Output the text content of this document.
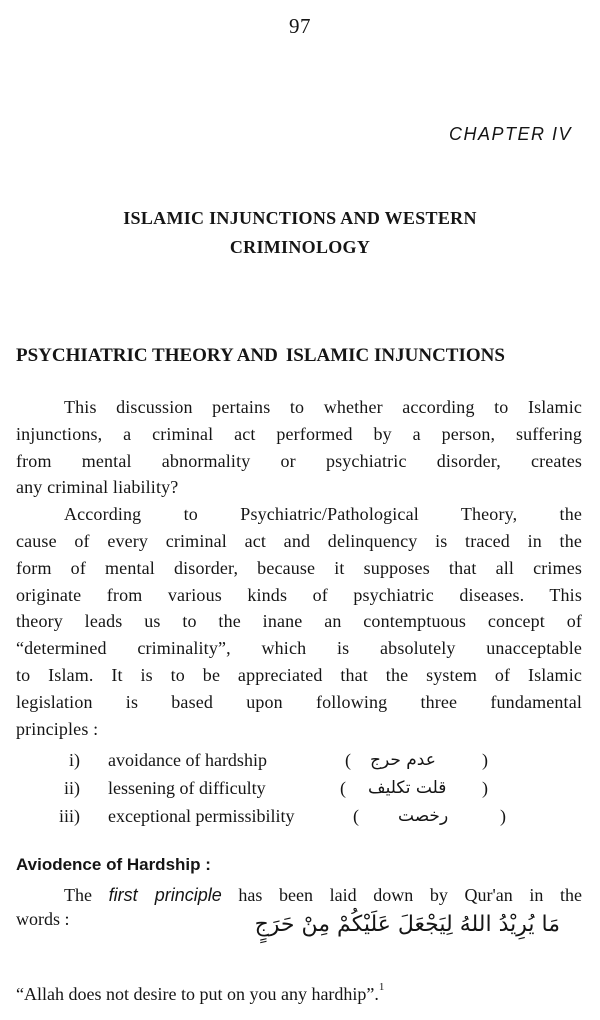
97
CHAPTER IV
ISLAMIC INJUNCTIONS AND WESTERN
CRIMINOLOGY
PSYCHIATRIC THEORY AND ISLAMIC INJUNCTIONS
This discussion pertains to whether according to Islamic
injunctions, a criminal act performed by a person, suffering
from mental abnormality or psychiatric disorder, creates
any criminal liability?
According to Psychiatric/Pathological Theory, the
cause of every criminal act and delinquency is traced in the
form of mental disorder, because it supposes that all crimes
originate from various kinds of psychiatric diseases. This
theory leads us to the inane an contemptuous concept of
“determined criminality”, which is absolutely unacceptable
to Islam. It is to be appreciated that the system of Islamic
legislation is based upon following three fundamental
principles :
i) avoidance of hardship	( عدم حرج	)
ii) lessening of difficulty	( قلت تکلیف )
iii) exceptional permissibility	( رخصت	)
Aviodence of Hardship :
The first principle has been laid down by Qur'an in the
words :	مَا يُرِيْدُ اللهُ لِيَجْعَلَ عَلَيْكُمْ مِنْ حَرَجٍ
“Allah does not desire to put on you any hardhip”.$^1$
